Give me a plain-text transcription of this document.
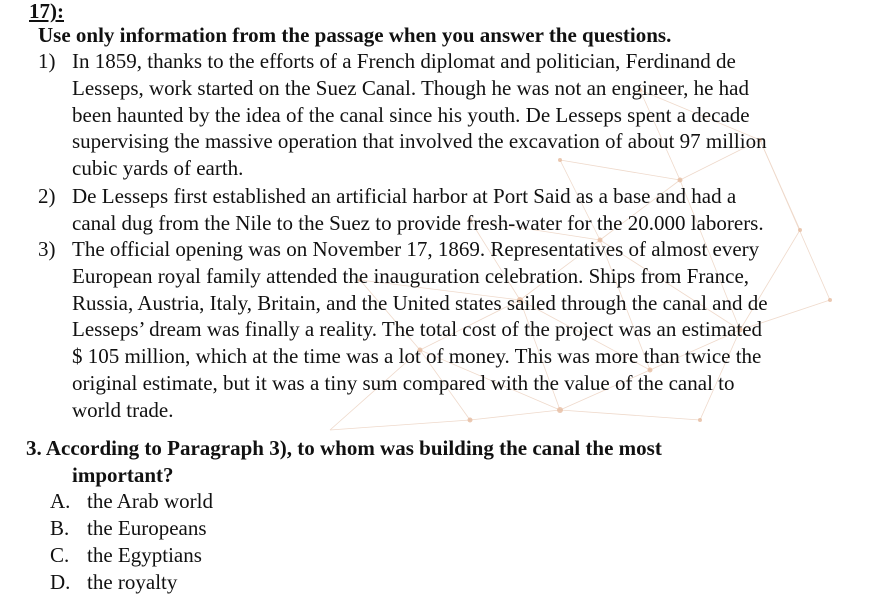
17):
Use only information from the passage when you answer the questions.
1) In 1859, thanks to the efforts of a French diplomat and politician, Ferdinand de
Lesseps, work started on the Suez Canal. Though he was not an engineer, he had
been haunted by the idea of the canal since his youth. De Lesseps spent a decade
supervising the massive operation that involved the excavation of about 97 million
cubic yards of earth.
2) De Lesseps first established an artificial harbor at Port Said as a base and had a
canal dug from the Nile to the Suez to provide fresh-water for the 20.000 laborers.
3) The official opening was on November 17, 1869. Representatives of almost every
European royal family attended the inauguration celebration. Ships from France,
Russia, Austria, Italy, Britain, and the United states sailed through the canal and de
Lesseps’ dream was finally a reality. The total cost of the project was an estimated
$ 105 million, which at the time was a lot of money. This was more than twice the
original estimate, but it was a tiny sum compared with the value of the canal to
world trade.
3. According to Paragraph 3), to whom was building the canal the most
important?
A. the Arab world
B. the Europeans
C. the Egyptians
D. the royalty
